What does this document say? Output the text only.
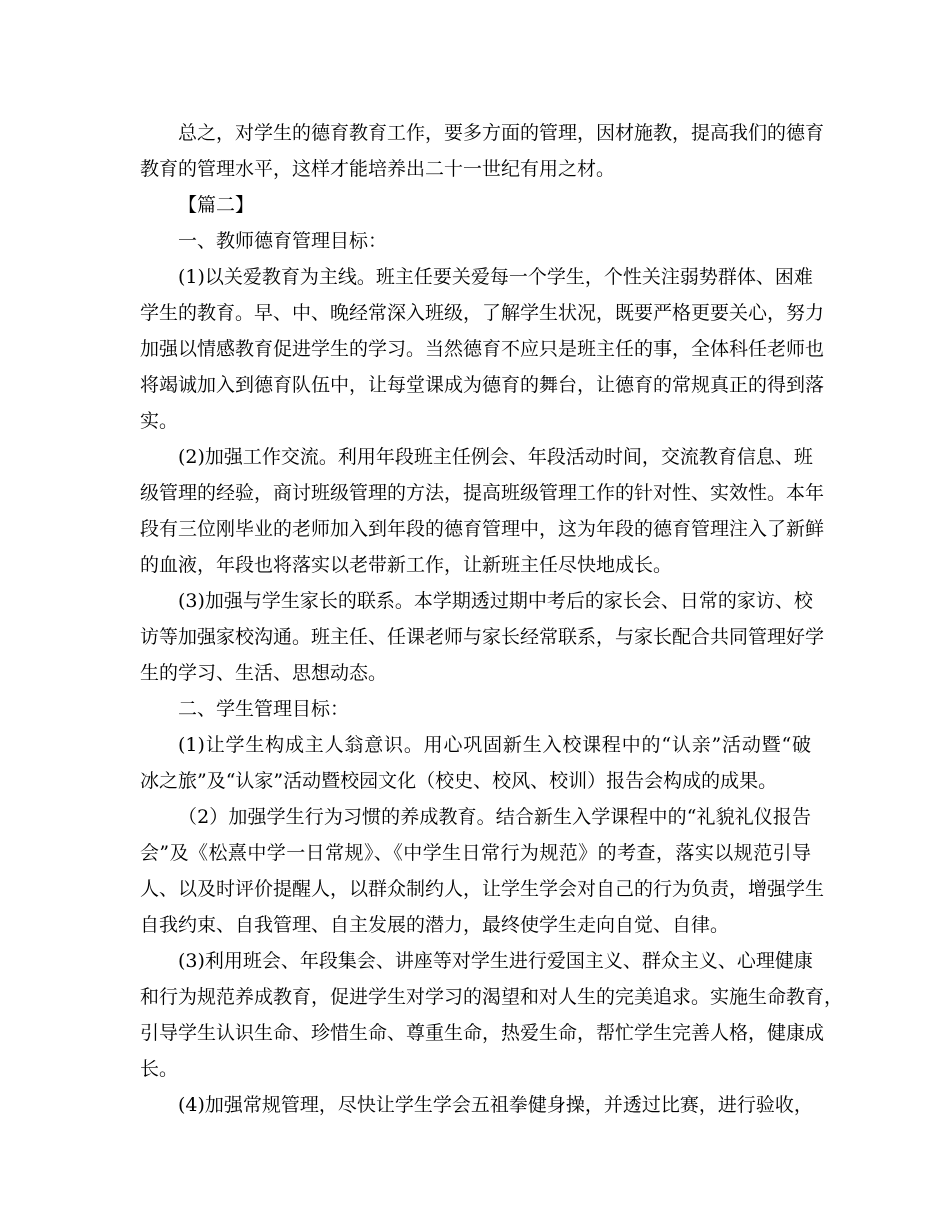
总之，对学生的德育教育工作，要多方面的管理，因材施教，提高我们的德育
教育的管理水平，这样才能培养出二十一世纪有用之材。
【篇二】
一、教师德育管理目标：
(1)以关爱教育为主线。班主任要关爱每一个学生，个性关注弱势群体、困难
学生的教育。早、中、晚经常深入班级，了解学生状况，既要严格更要关心，努力
加强以情感教育促进学生的学习。当然德育不应只是班主任的事，全体科任老师也
将竭诚加入到德育队伍中，让每堂课成为德育的舞台，让德育的常规真正的得到落
实。
(2)加强工作交流。利用年段班主任例会、年段活动时间，交流教育信息、班
级管理的经验，商讨班级管理的方法，提高班级管理工作的针对性、实效性。本年
段有三位刚毕业的老师加入到年段的德育管理中，这为年段的德育管理注入了新鲜
的血液，年段也将落实以老带新工作，让新班主任尽快地成长。
(3)加强与学生家长的联系。本学期透过期中考后的家长会、日常的家访、校
访等加强家校沟通。班主任、任课老师与家长经常联系，与家长配合共同管理好学
生的学习、生活、思想动态。
二、学生管理目标：
(1)让学生构成主人翁意识。用心巩固新生入校课程中的“认亲”活动暨“破
冰之旅”及“认家”活动暨校园文化（校史、校风、校训）报告会构成的成果。
（2）加强学生行为习惯的养成教育。结合新生入学课程中的“礼貌礼仪报告
会”及《松熹中学一日常规》、《中学生日常行为规范》的考查，落实以规范引导
人、以及时评价提醒人，以群众制约人，让学生学会对自己的行为负责，增强学生
自我约束、自我管理、自主发展的潜力，最终使学生走向自觉、自律。
(3)利用班会、年段集会、讲座等对学生进行爱国主义、群众主义、心理健康
和行为规范养成教育，促进学生对学习的渴望和对人生的完美追求。实施生命教育，
引导学生认识生命、珍惜生命、尊重生命，热爱生命，帮忙学生完善人格，健康成
长。
(4)加强常规管理，尽快让学生学会五祖拳健身操，并透过比赛，进行验收，
